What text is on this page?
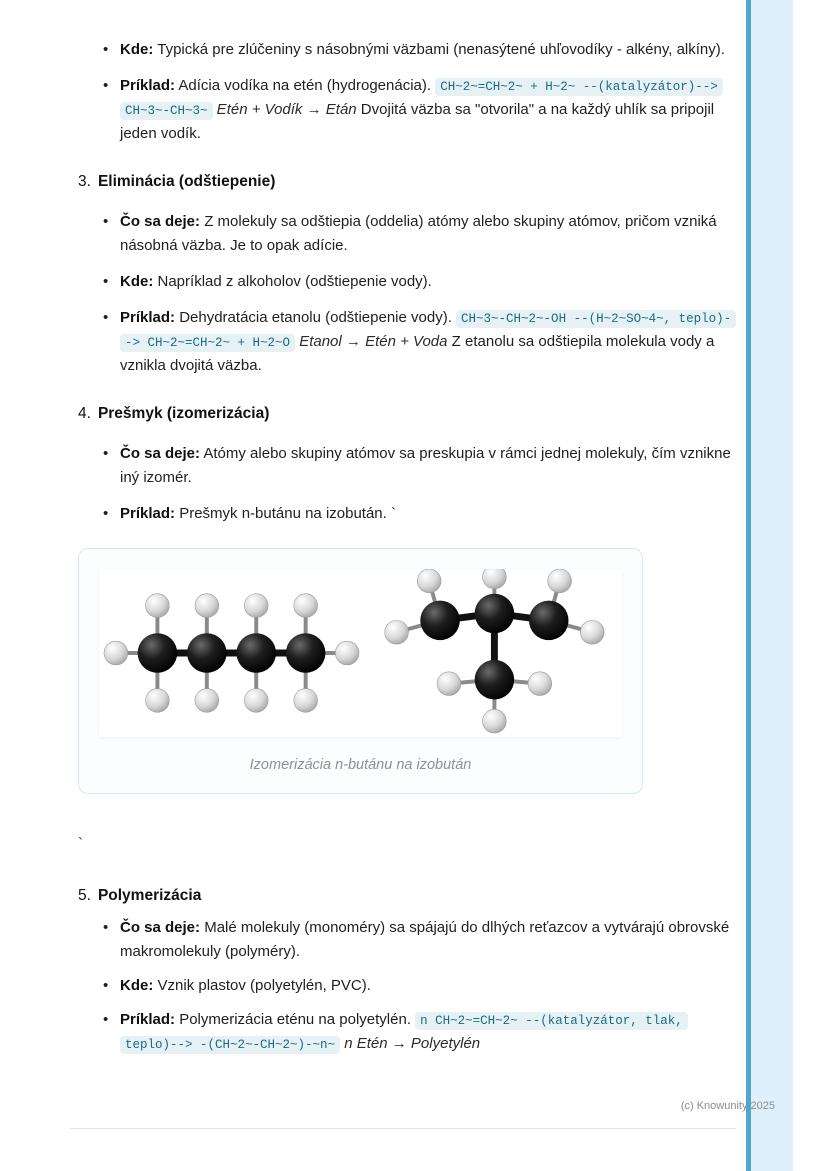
(c) Knowunity 2025
• Kde: Typická pre zlúčeniny s násobnými väzbami (nenasýtené uhľovodíky - alkény, alkíny).
• Príklad: Adícia vodíka na etén (hydrogenácia). CH~2~=CH~2~ + H~2~ --(katalyzátor)--> CH~3~-CH~3~ Etén + Vodík → Etán Dvojitá väzba sa "otvorila" a na každý uhlík sa pripojil jeden vodík.
3. Eliminácia (odštiepenie)
• Čo sa deje: Z molekuly sa odštiepia (oddelia) atómy alebo skupiny atómov, pričom vzniká násobná väzba. Je to opak adície.
• Kde: Napríklad z alkoholov (odštiepenie vody).
• Príklad: Dehydratácia etanolu (odštiepenie vody). CH~3~-CH~2~-OH --(H~2~SO~4~, teplo)--> CH~2~=CH~2~ + H~2~O Etanol → Etén + Voda Z etanolu sa odštiepila molekula vody a vznikla dvojitá väzba.
4. Prešmyk (izomerizácia)
• Čo sa deje: Atómy alebo skupiny atómov sa preskupia v rámci jednej molekuly, čím vznikne iný izomér.
• Príklad: Prešmyk n-butánu na izobután. `
Izomerizácia n-butánu na izobután
`
5. Polymerizácia
• Čo sa deje: Malé molekuly (monoméry) sa spájajú do dlhých reťazcov a vytvárajú obrovské makromolekuly (polyméry).
• Kde: Vznik plastov (polyetylén, PVC).
• Príklad: Polymerizácia eténu na polyetylén. n CH~2~=CH~2~ --(katalyzátor, tlak, teplo)--> -(CH~2~-CH~2~)-~n~ n Etén → Polyetylén
